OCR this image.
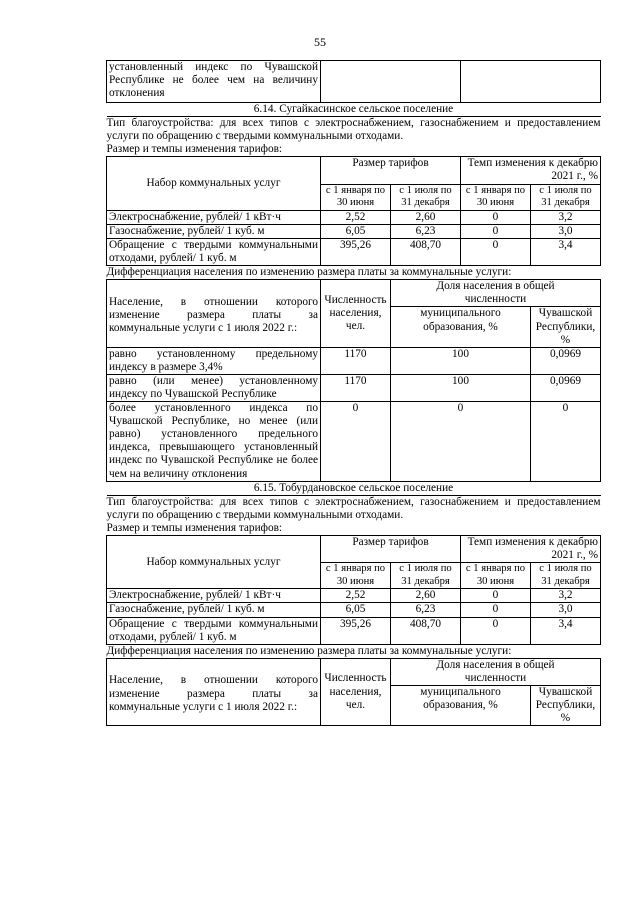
55
установленный индекс по Чувашской Республике не более чем на величину отклонения				
6.14. Сугайкасинское сельское поселение				

Тип благоустройства: для всех типов с электроснабжением, газоснабжением и предоставлением услуги по обращению с твердыми коммунальными отходами.
Размер и темпы изменения тарифов:				

Набор коммунальных услуг	Размер тарифов		Темп изменения к декабрю 2021 г., %	
	с 1 января по 30 июня	с 1 июля по 31 декабря	с 1 января по 30 июня	с 1 июля по 31 декабря
Электроснабжение, рублей/ 1 кВт·ч	2,52	2,60	0	3,2
Газоснабжение, рублей/ 1 куб. м	6,05	6,23	0	3,0
Обращение с твердыми коммунальными отходами, рублей/ 1 куб. м	395,26	408,70	0	3,4
Дифференциация населения по изменению размера платы за коммунальные услуги:				
Население, в отношении которого изменение размера платы за коммунальные услуги с 1 июля 2022 г.:	Численность населения, чел.	Доля населения в общей численности		
		муниципального образования, %		Чувашской Республики, %
равно установленному предельному индексу в размере 3,4%	1170	100		0,0969
равно (или менее) установленному индексу по Чувашской Республике	1170	100		0,0969
более установленного индекса по Чувашской Республике, но менее (или равно) установленного предельного индекса, превышающего установленный индекс по Чувашской Республике не более чем на величину отклонения	0	0		0
6.15. Тобурдановское сельское поселение				

Тип благоустройства: для всех типов с электроснабжением, газоснабжением и предоставлением услуги по обращению с твердыми коммунальными отходами.
Размер и темпы изменения тарифов:				

Набор коммунальных услуг	Размер тарифов		Темп изменения к декабрю 2021 г., %	
	с 1 января по 30 июня	с 1 июля по 31 декабря	с 1 января по 30 июня	с 1 июля по 31 декабря
Электроснабжение, рублей/ 1 кВт·ч	2,52	2,60	0	3,2
Газоснабжение, рублей/ 1 куб. м	6,05	6,23	0	3,0
Обращение с твердыми коммунальными отходами, рублей/ 1 куб. м	395,26	408,70	0	3,4
Дифференциация населения по изменению размера платы за коммунальные услуги:				
Население, в отношении которого изменение размера платы за коммунальные услуги с 1 июля 2022 г.:	Численность населения, чел.	Доля населения в общей численности		
		муниципального образования, %		Чувашской Республики, %
